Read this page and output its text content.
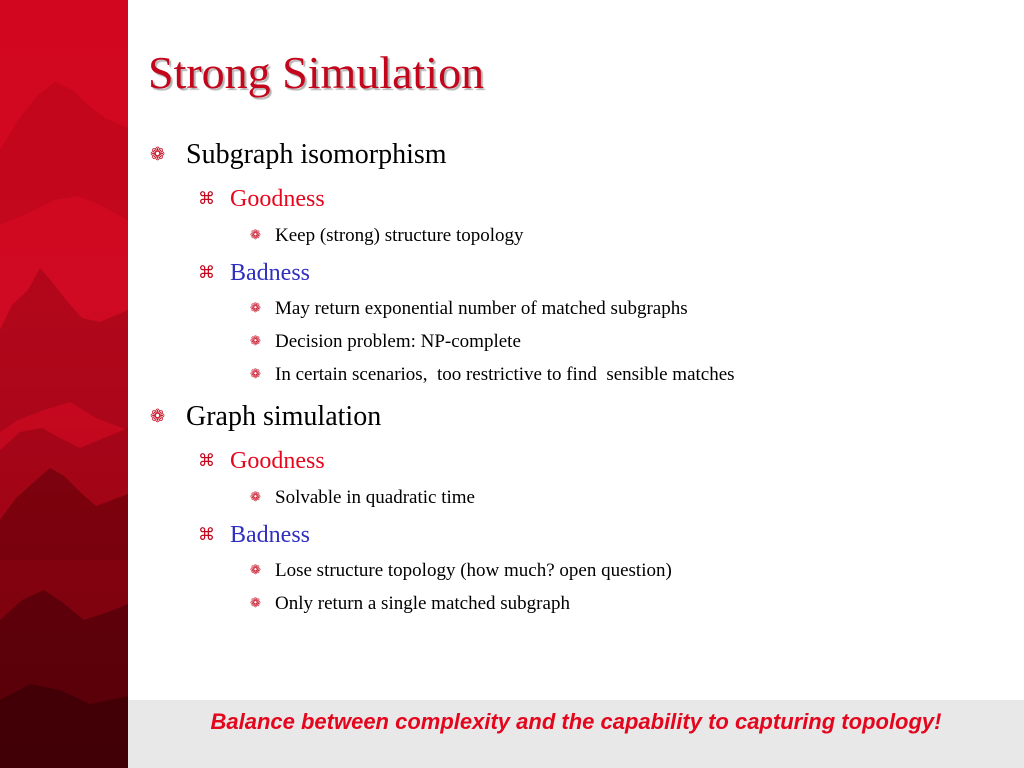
Strong Simulation
❁ Subgraph isomorphism
⌘ Goodness
❁ Keep (strong) structure topology
⌘ Badness
❁ May return exponential number of matched subgraphs
❁ Decision problem: NP-complete
❁ In certain scenarios,  too restrictive to find  sensible matches
❁ Graph simulation
⌘ Goodness
❁ Solvable in quadratic time
⌘ Badness
❁ Lose structure topology (how much? open question)
❁ Only return a single matched subgraph
Balance between complexity and the capability to capturing topology!
